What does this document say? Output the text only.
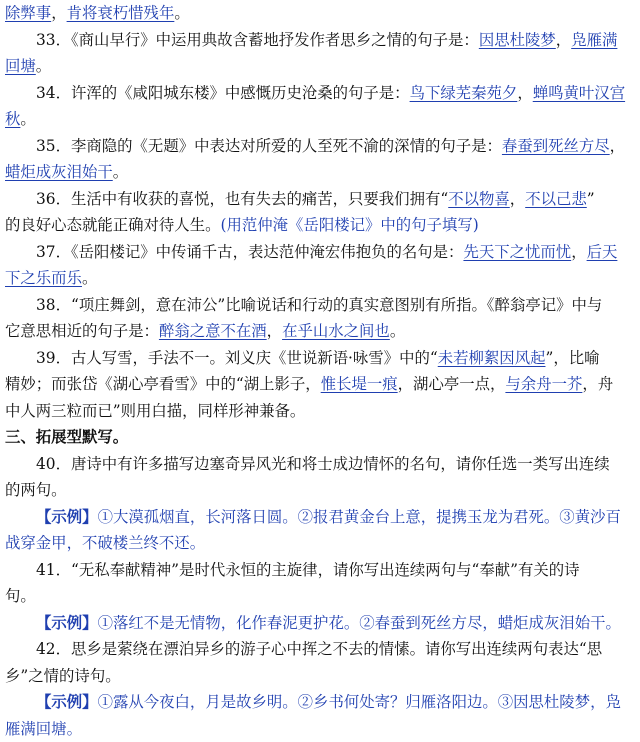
除弊事，肯将衰朽惜残年。
33．《商山早行》中运用典故含蓄地抒发作者思乡之情的句子是：因思杜陵梦，凫雁满
回塘。
34．许浑的《咸阳城东楼》中感慨历史沧桑的句子是：鸟下绿芜秦苑夕，蝉鸣黄叶汉宫
秋。
35．李商隐的《无题》中表达对所爱的人至死不渝的深情的句子是：春蚕到死丝方尽，
蜡炬成灰泪始干。
36．生活中有收获的喜悦，也有失去的痛苦，只要我们拥有“不以物喜，不以己悲”
的良好心态就能正确对待人生。(用范仲淹《岳阳楼记》中的句子填写)
37．《岳阳楼记》中传诵千古，表达范仲淹宏伟抱负的名句是：先天下之忧而忧，后天
下之乐而乐。
38．“项庄舞剑，意在沛公”比喻说话和行动的真实意图别有所指。《醉翁亭记》中与
它意思相近的句子是：醉翁之意不在酒，在乎山水之间也。
39．古人写雪，手法不一。刘义庆《世说新语·咏雪》中的“未若柳絮因风起”，比喻
精妙；而张岱《湖心亭看雪》中的“湖上影子，惟长堤一痕，湖心亭一点，与余舟一芥，舟
中人两三粒而已”则用白描，同样形神兼备。
三、拓展型默写。
40．唐诗中有许多描写边塞奇异风光和将士成边情怀的名句，请你任选一类写出连续
的两句。
【示例】①大漠孤烟直，长河落日圆。②报君黄金台上意，提携玉龙为君死。③黄沙百
战穿金甲，不破楼兰终不还。
41．“无私奉献精神”是时代永恒的主旋律，请你写出连续两句与“奉献”有关的诗
句。
【示例】①落红不是无情物，化作春泥更护花。②春蚕到死丝方尽，蜡炬成灰泪始干。
42．思乡是萦绕在漂泊异乡的游子心中挥之不去的情愫。请你写出连续两句表达“思
乡”之情的诗句。
【示例】①露从今夜白，月是故乡明。②乡书何处寄？归雁洛阳边。③因思杜陵梦，凫
雁满回塘。
